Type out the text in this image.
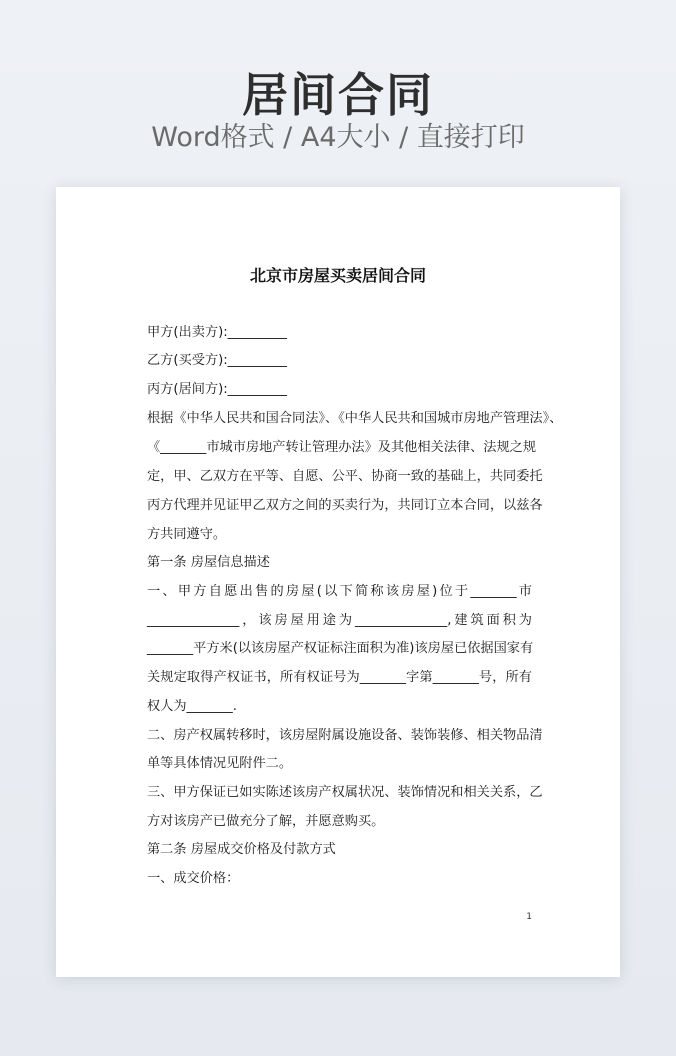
居间合同
Word格式 / A4大小 / 直接打印
北京市房屋买卖居间合同
甲方(出卖方):_________
乙方(买受方):_________
丙方(居间方):_________
根据《中华人民共和国合同法》、《中华人民共和国城市房地产管理法》、
《_______市城市房地产转让管理办法》及其他相关法律、法规之规
定，甲、乙双方在平等、自愿、公平、协商一致的基础上，共同委托
丙方代理并见证甲乙双方之间的买卖行为，共同订立本合同，以兹各
方共同遵守。
第一条 房屋信息描述
一、甲方自愿出售的房屋(以下简称该房屋)位于_______市
______________，该房屋用途为______________,建筑面积为
_______平方米(以该房屋产权证标注面积为准)该房屋已依据国家有
关规定取得产权证书，所有权证号为_______字第_______号，所有
权人为_______.
二、房产权属转移时，该房屋附属设施设备、装饰装修、相关物品清
单等具体情况见附件二。
三、甲方保证已如实陈述该房产权属状况、装饰情况和相关关系，乙
方对该房产已做充分了解，并愿意购买。
第二条 房屋成交价格及付款方式
一、成交价格：
1
